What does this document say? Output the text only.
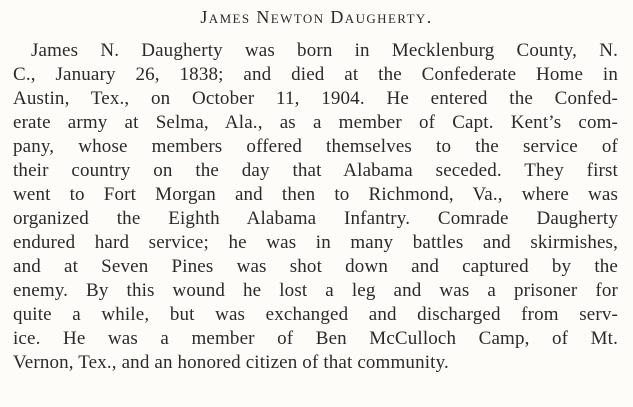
James Newton Daugherty.
James N. Daugherty was born in Mecklenburg County, N.
C., January 26, 1838; and died at the Confederate Home in
Austin, Tex., on October 11, 1904. He entered the Confed-
erate army at Selma, Ala., as a member of Capt. Kent’s com-
pany, whose members offered themselves to the service of
their country on the day that Alabama seceded. They first
went to Fort Morgan and then to Richmond, Va., where was
organized the Eighth Alabama Infantry. Comrade Daugherty
endured hard service; he was in many battles and skirmishes,
and at Seven Pines was shot down and captured by the
enemy. By this wound he lost a leg and was a prisoner for
quite a while, but was exchanged and discharged from serv-
ice. He was a member of Ben McCulloch Camp, of Mt.
Vernon, Tex., and an honored citizen of that community.
